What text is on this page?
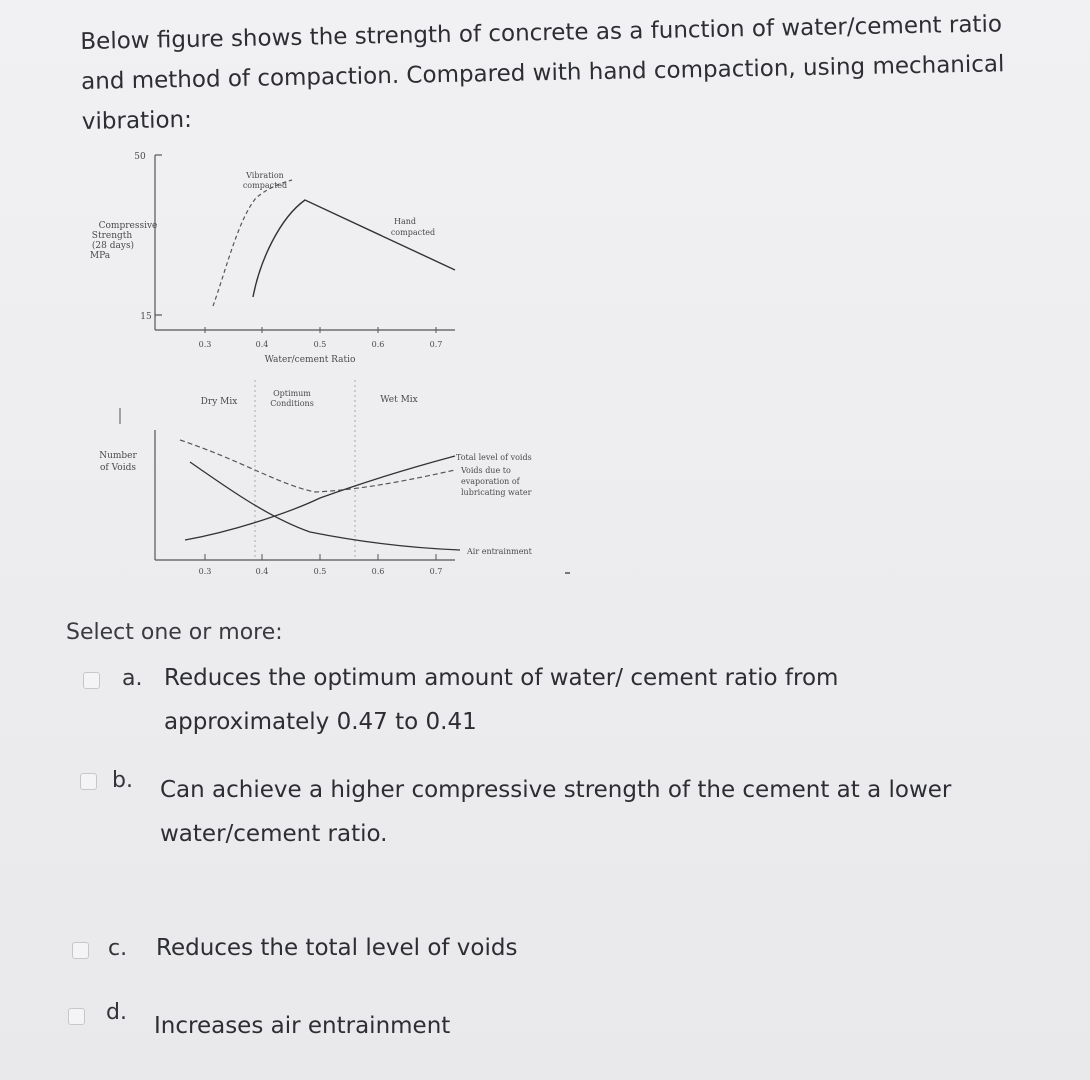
Below figure shows the strength of concrete as a function of water/cement ratio and method of compaction. Compared with hand compaction, using mechanical vibration:
50
15
Compressive
Strength
(28 days)
MPa
0.3	0.4	0.5	0.6	0.7
Water/cement Ratio
Vibration
compacted
Hand
compacted
Dry Mix
Optimum
Conditions	Wet Mix
Number
of Voids
0.3	0.4	0.5	0.6	0.7
Total level of voids
Voids due to
evaporation of
lubricating water
Air entrainment
Select one or more:
a. Reduces the optimum amount of water/ cement ratio from
approximately 0.47 to 0.41
b. Can achieve a higher compressive strength of the cement at a lower
water/cement ratio.
c. Reduces the total level of voids
d.
Increases air entrainment
